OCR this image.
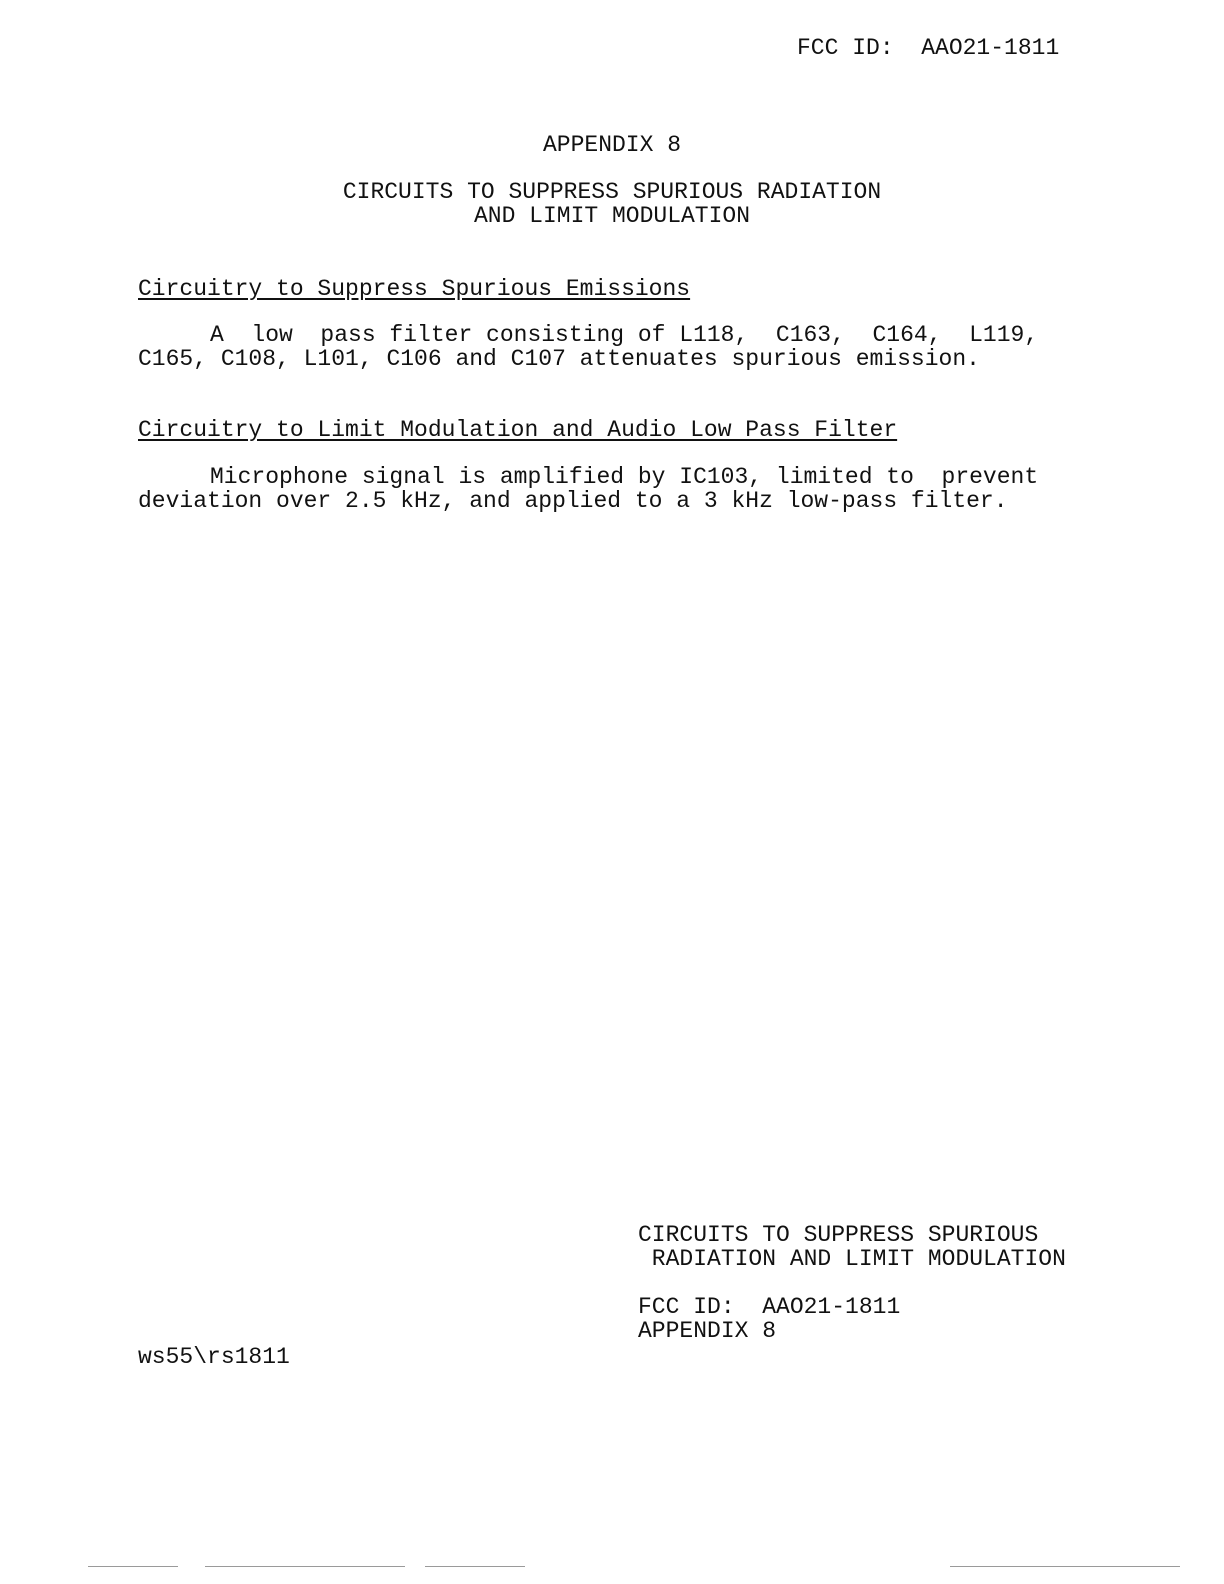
FCC ID:  AAO21-1811
APPENDIX 8
CIRCUITS TO SUPPRESS SPURIOUS RADIATION
AND LIMIT MODULATION
Circuitry to Suppress Spurious Emissions
A  low  pass filter consisting of L118,  C163,  C164,  L119,
C165, C108, L101, C106 and C107 attenuates spurious emission.
Circuitry to Limit Modulation and Audio Low Pass Filter
Microphone signal is amplified by IC103, limited to  prevent
deviation over 2.5 kHz, and applied to a 3 kHz low-pass filter.
CIRCUITS TO SUPPRESS SPURIOUS
RADIATION AND LIMIT MODULATION
FCC ID:  AAO21-1811
APPENDIX 8
ws55\rs1811
